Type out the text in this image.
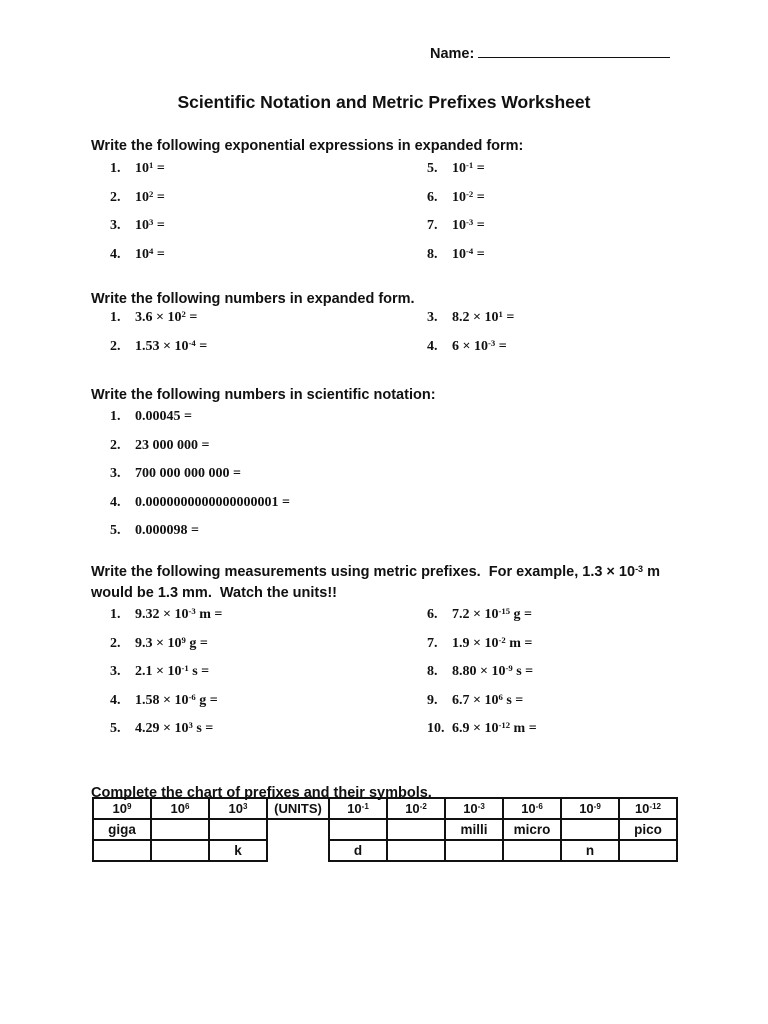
Name:
Scientific Notation and Metric Prefixes Worksheet

Write the following exponential expressions in expanded form:

1. $10^1$ =
2. $10^2$ =
3. $10^3$ =
4. $10^4$ =
5. $10^{-1}$ =
6. $10^{-2}$ =
7. $10^{-3}$ =
8. $10^{-4}$ =

Write the following numbers in expanded form.

1. $3.6 \times 10^2$ =
2. $1.53 \times 10^{-4}$ =
3. $8.2 \times 10^1$ =
4. $6 \times 10^{-3}$ =

Write the following numbers in scientific notation:

1. 0.00045 =
2. 23 000 000 =
3. 700 000 000 000 =
4. 0.0000000000000000001 =
5. 0.000098 =

Write the following measurements using metric prefixes.  For example, $1.3 \times 10^{-3}$ m would be 1.3 mm.  Watch the units!!

1. $9.32 \times 10^{-3}$ m =
2. $9.3 \times 10^9$ g =
3. $2.1 \times 10^{-1}$ s =
4. $1.58 \times 10^{-6}$ g =
5. $4.29 \times 10^3$ s =
6. $7.2 \times 10^{-15}$ g =
7. $1.9 \times 10^{-2}$ m =
8. $8.80 \times 10^{-9}$ s =
9. $6.7 \times 10^6$ s =
10. $6.9 \times 10^{-12}$ m =

Complete the chart of prefixes and their symbols.

$10^9$	$10^6$	$10^3$	(UNITS)	$10^{-1}$	$10^{-2}$	$10^{-3}$	$10^{-6}$	$10^{-9}$	$10^{-12}$
giga						milli	micro		pico
		k		d				n	
